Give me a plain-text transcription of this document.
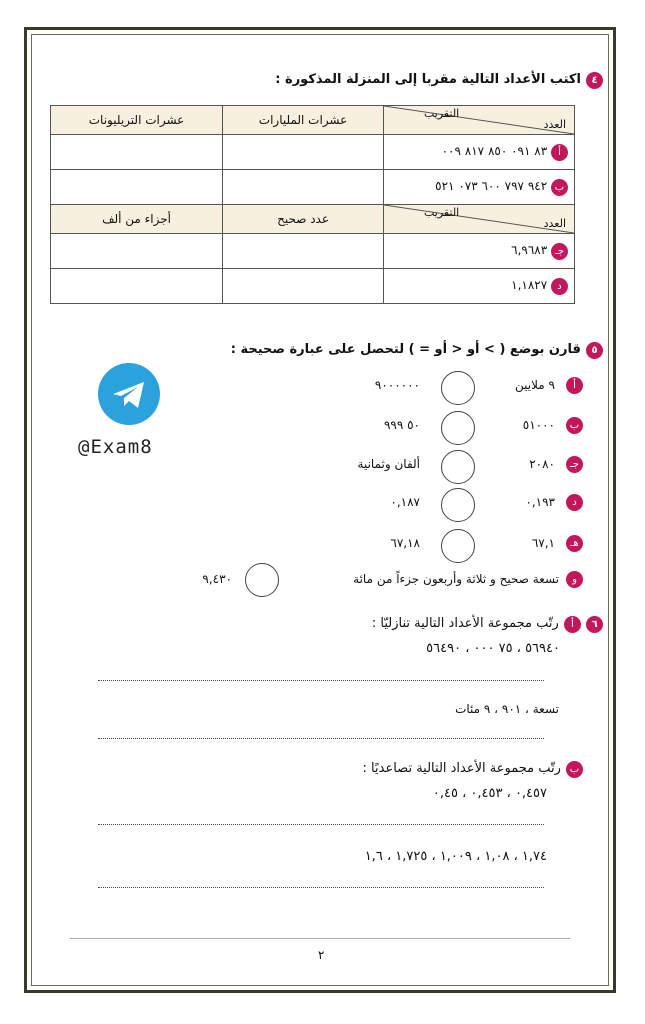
٤ اكتب الأعداد التالية مقربا إلى المنزلة المذكورة :
العدد
التقريب	عشرات المليارات	عشرات التريليونات
أ ٨٣ ٠٩١ ٨٥٠ ٨١٧ ٠٠٩		
ب ٩٤٢ ٧٩٧ ٦٠٠ ٠٧٣ ٥٢١		

العدد
التقريب	عدد صحيح	أجزاء من ألف
جـ ٦,٩٦٨٣		
د ١,١٨٢٧		
٥ قارن بوضع ( > أو < أو = ) لتحصل على عبارة صحيحة :
@Exam8
أ
٩ ملايين
٩٠٠٠٠٠٠
ب
٥١٠٠٠
٥٠ ٩٩٩
جـ
٢٠٨٠
ألفان وثمانية
د
٠,١٩٣
٠,١٨٧
هـ
٦٧,١
٦٧,١٨
و
تسعة صحيح و ثلاثة وأربعون جزءاً من مائة
٩,٤٣٠
٦ أ رتّب مجموعة الأعداد التالية تنازليّا :
٥٦٩٤٠ ، ٧٥ ٠٠٠ ، ٥٦٤٩٠
تسعة ، ٩٠١ ، ٩ مئات
ب رتّب مجموعة الأعداد التالية تصاعديًا :
٠,٤٥٧ ، ٠,٤٥٣ ، ٠,٤٥
١,٧٤ ، ١,٠٨ ، ١,٠٠٩ ، ١,٧٢٥ ، ١,٦
٢
